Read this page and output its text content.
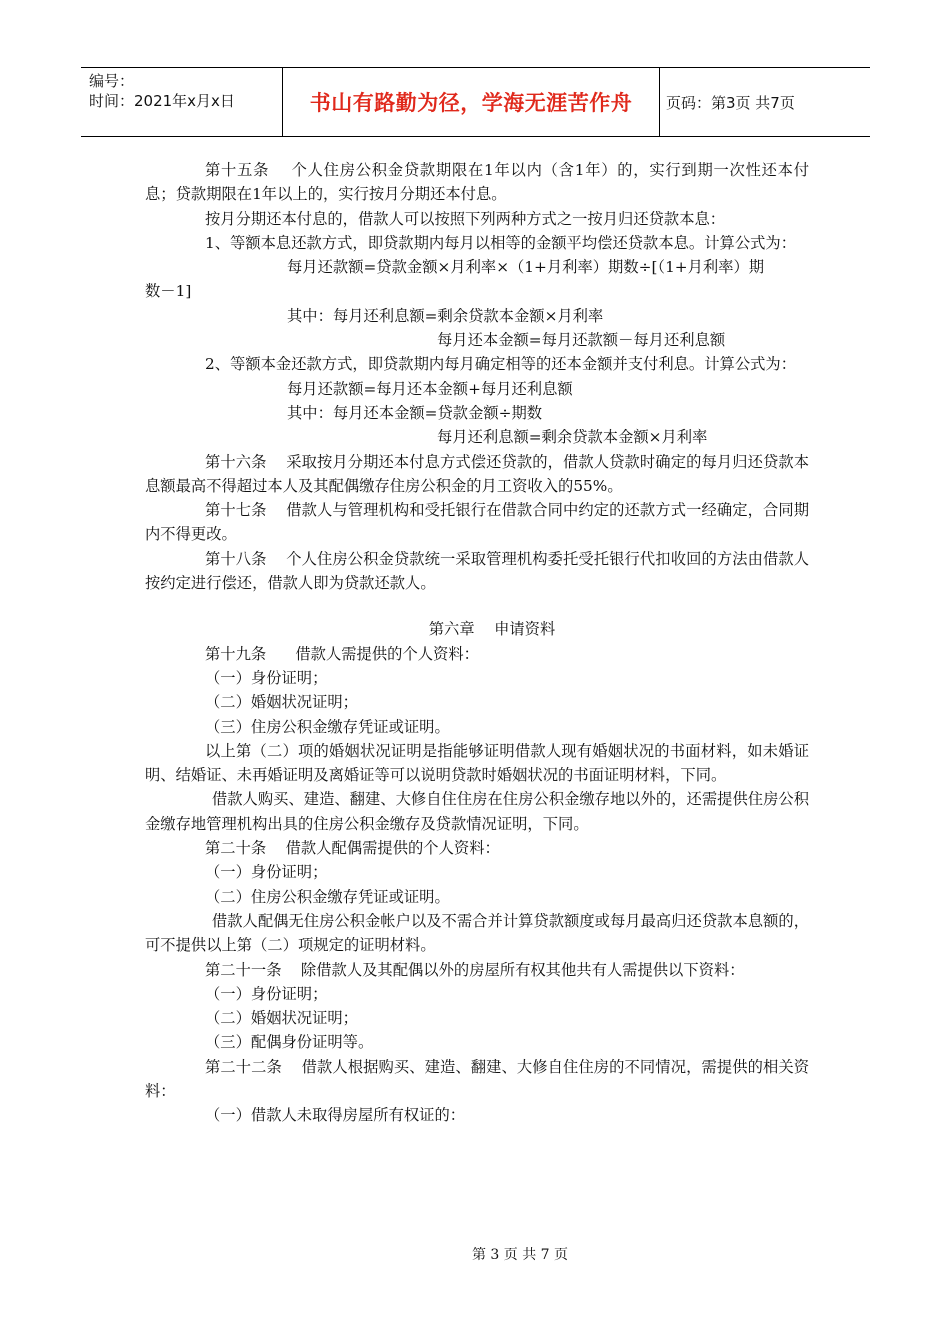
编号：
时间：2021年x月x日	书山有路勤为径，学海无涯苦作舟	页码：第3页 共7页

第十五条    个人住房公积金贷款期限在1年以内（含1年）的，实行到期一次性还本付息；贷款期限在1年以上的，实行按月分期还本付息。

按月分期还本付息的，借款人可以按照下列两种方式之一按月归还贷款本息：

1、等额本息还款方式，即贷款期内每月以相等的金额平均偿还贷款本息。计算公式为：

每月还款额=贷款金额×月利率×（1+月利率）期数÷[（1+月利率）期

数－1]

其中：每月还利息额=剩余贷款本金额×月利率

每月还本金额=每月还款额－每月还利息额

2、等额本金还款方式，即贷款期内每月确定相等的还本金额并支付利息。计算公式为：

每月还款额=每月还本金额+每月还利息额

其中：每月还本金额=贷款金额÷期数

每月还利息额=剩余贷款本金额×月利率

第十六条    采取按月分期还本付息方式偿还贷款的，借款人贷款时确定的每月归还贷款本息额最高不得超过本人及其配偶缴存住房公积金的月工资收入的55%。

第十七条    借款人与管理机构和受托银行在借款合同中约定的还款方式一经确定，合同期内不得更改。

第十八条    个人住房公积金贷款统一采取管理机构委托受托银行代扣收回的方法由借款人按约定进行偿还，借款人即为贷款还款人。

第六章    申请资料

第十九条      借款人需提供的个人资料：

（一）身份证明；

（二）婚姻状况证明；

（三）住房公积金缴存凭证或证明。

以上第（二）项的婚姻状况证明是指能够证明借款人现有婚姻状况的书面材料，如未婚证明、结婚证、未再婚证明及离婚证等可以说明贷款时婚姻状况的书面证明材料，下同。

借款人购买、建造、翻建、大修自住住房在住房公积金缴存地以外的，还需提供住房公积金缴存地管理机构出具的住房公积金缴存及贷款情况证明，下同。

第二十条    借款人配偶需提供的个人资料：

（一）身份证明；

（二）住房公积金缴存凭证或证明。

借款人配偶无住房公积金帐户以及不需合并计算贷款额度或每月最高归还贷款本息额的，可不提供以上第（二）项规定的证明材料。

第二十一条    除借款人及其配偶以外的房屋所有权其他共有人需提供以下资料：

（一）身份证明；

（二）婚姻状况证明；

（三）配偶身份证明等。

第二十二条    借款人根据购买、建造、翻建、大修自住住房的不同情况，需提供的相关资料：

（一）借款人未取得房屋所有权证的：

第 3 页 共 7 页
